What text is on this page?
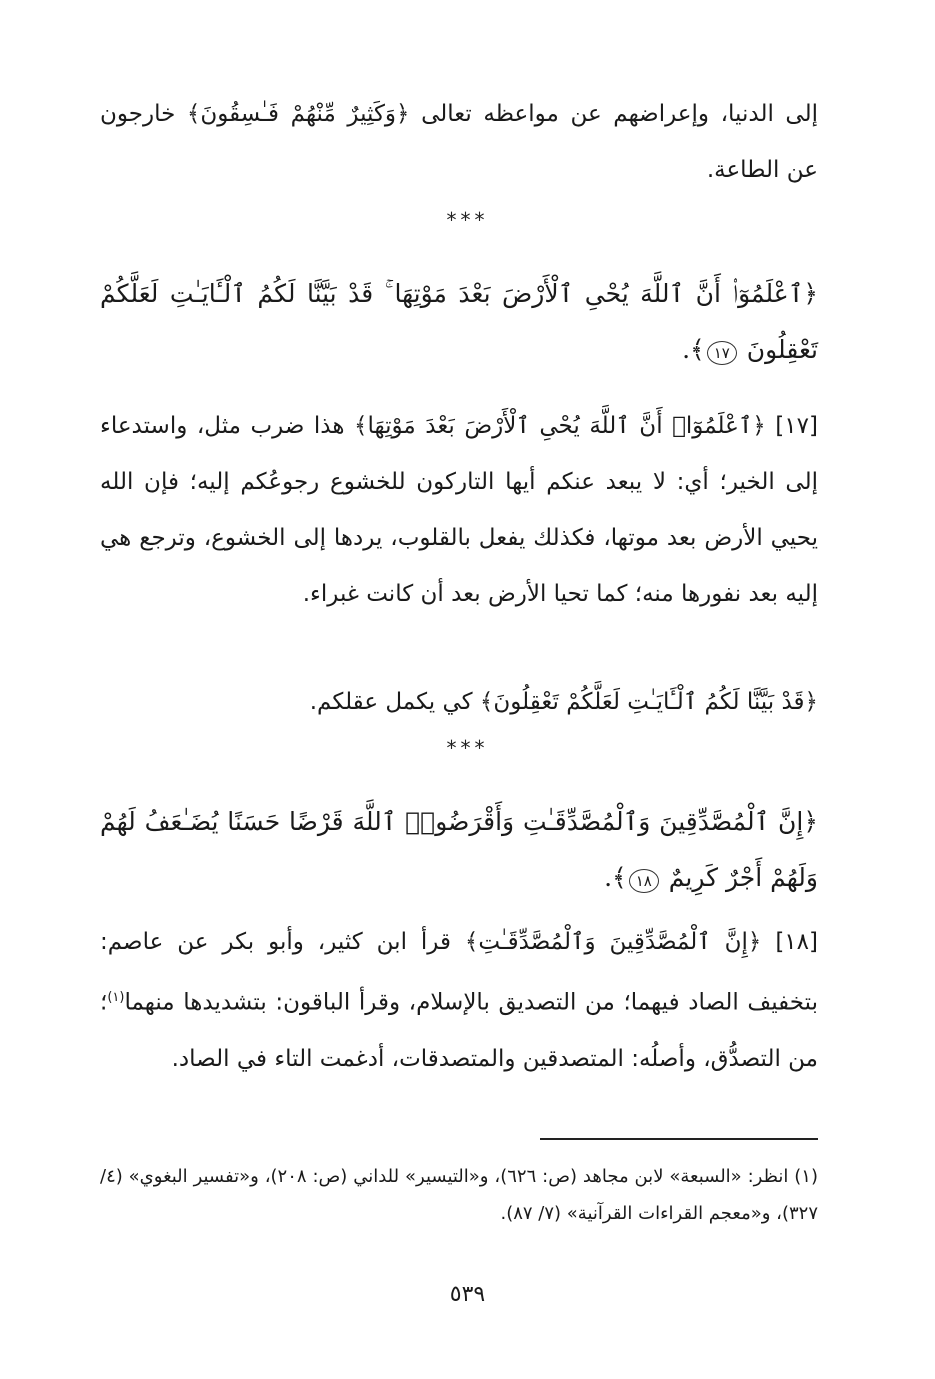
إلى الدنيا، وإعراضهم عن مواعظه تعالى ﴿وَكَثِيرٌ مِّنْهُمْ فَـٰسِقُونَ﴾ خارجون عن الطاعة.
***
﴿ٱعْلَمُوٓا۟ أَنَّ ٱللَّهَ يُحْىِ ٱلْأَرْضَ بَعْدَ مَوْتِهَا ۚ قَدْ بَيَّنَّا لَكُمُ ٱلْـَٔايَـٰتِ لَعَلَّكُمْ تَعْقِلُونَ ١٧﴾.
[١٧] ﴿ٱعْلَمُوٓا۟ أَنَّ ٱللَّهَ يُحْىِ ٱلْأَرْضَ بَعْدَ مَوْتِهَا﴾ هذا ضرب مثل، واستدعاء إلى الخير؛ أي: لا يبعد عنكم أيها التاركون للخشوع رجوعُكم إليه؛ فإن الله يحيي الأرض بعد موتها، فكذلك يفعل بالقلوب، يردها إلى الخشوع، وترجع هي إليه بعد نفورها منه؛ كما تحيا الأرض بعد أن كانت غبراء.
﴿قَدْ بَيَّنَّا لَكُمُ ٱلْـَٔايَـٰتِ لَعَلَّكُمْ تَعْقِلُونَ﴾ كي يكمل عقلكم.
***
﴿إِنَّ ٱلْمُصَّدِّقِينَ وَٱلْمُصَّدِّقَـٰتِ وَأَقْرَضُوا۟ ٱللَّهَ قَرْضًا حَسَنًا يُضَـٰعَفُ لَهُمْ وَلَهُمْ أَجْرٌ كَرِيمٌ ١٨﴾.
[١٨] ﴿إِنَّ ٱلْمُصَّدِّقِينَ وَٱلْمُصَّدِّقَـٰتِ﴾ قرأ ابن كثير، وأبو بكر عن عاصم: بتخفيف الصاد فيهما؛ من التصديق بالإسلام، وقرأ الباقون: بتشديدها منهما$^{(١)}$؛ من التصدُّق، وأصلُه: المتصدقين والمتصدقات، أدغمت التاء في الصاد.
(١) انظر: «السبعة» لابن مجاهد (ص: ٦٢٦)، و«التيسير» للداني (ص: ٢٠٨)، و«تفسير البغوي» (٤/ ٣٢٧)، و«معجم القراءات القرآنية» (٧/ ٨٧).
٥٣٩
